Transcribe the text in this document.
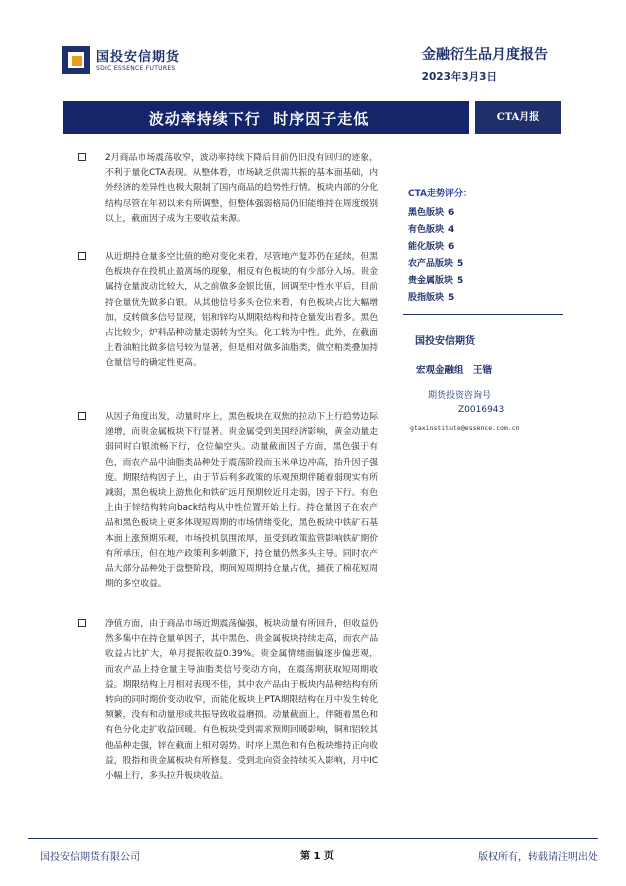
国投安信期货
SDIC ESSENCE FUTURES
金融衍生品月度报告
2023年3月3日
波动率持续下行  时序因子走低	CTA月报

2月商品市场震荡收窄，波动率持续下降后目前仍旧没有回归的迹象，不利于量化CTA表现。从整体看，市场缺乏供需共振的基本面基础，内外经济的差异性也极大限制了国内商品的趋势性行情。板块内部的分化结构尽管在年初以来有所调整，但整体强弱格局仍旧能维持在周度级别以上，截面因子成为主要收益来源。

从近期持仓量多空比值的绝对变化来看，尽管地产复苏仍在延续，但黑色板块存在投机止盈离场的现象，相反有色板块的有少部分入场。贵金属持仓量波动比较大，从之前做多金银比值，回调至中性水平后，目前持仓量优先做多白银。从其他信号多头仓位来看，有色板块占比大幅增加，反转做多信号显现，铝和锌均从期限结构和持仓量发出看多。黑色占比较少，炉料品种动量走弱转为空头。化工转为中性。此外，在截面上看油粕比做多信号较为显著，但是相对做多油脂类，做空粕类叠加持仓量信号的确定性更高。

从因子角度出发，动量时序上，黑色板块在双焦的拉动下上行趋势边际递增，而贵金属板块下行显著。贵金属受到美国经济影响，黄金动量走弱同时白银流畅下行，仓位偏空头。动量截面因子方面，黑色强于有色，而农产品中油脂类品种处于震荡阶段而玉米单边冲高，抬升因子强度。期限结构因子上，由于节后利多政策的乐观预期伴随着弱现实有所减弱，黑色板块上游焦化和铁矿远月预期较近月走弱，因子下行。有色上由于锌结构转向back结构从中性位置开始上行。持仓量因子在农产品和黑色板块上更多体现短周期的市场情绪变化，黑色板块中铁矿石基本面上涨预期乐观，市场投机氛围浓厚，虽受到政策监管影响铁矿期价有所承压，但在地产政策利多刺激下，持仓量仍然多头主导。同时农产品大部分品种处于盘整阶段，期间短周期持仓量占优，捕获了棉花短周期的多空收益。

净值方面，由于商品市场近期震荡偏强，板块动量有所回升，但收益仍然多集中在持仓量单因子，其中黑色、贵金属板块持续走高，而农产品收益占比扩大，单月提振收益0.39%。贵金属情绪面偏逐步偏悲观，而农产品上持仓量主导油脂类信号变动方向，在震荡期获取短周期收益。期限结构上月相对表现不佳，其中农产品由于板块内品种结构有所转向的同时期价变动收窄，而能化板块上PTA期限结构在月中发生转化频繁，没有和动量形成共振导致收益磨损。动量截面上，伴随着黑色和有色分化走扩收益回暖。有色板块受到需求预期回暖影响，铜和铝较其他品种走强，锌在截面上相对弱势。时序上黑色和有色板块维持正向收益，股指和贵金属板块有所修复。受到北向资金持续买入影响，月中IC小幅上行，多头拉升板块收益。

CTA走势评分：
黑色版块 6
有色版块 4
能化版块 6
农产品版块 5
贵金属版块 5
股指版块 5
国投安信期货
宏观金融组　王锴
期货投资咨询号
Z0016943
gtaxinstitute@essence.com.cn
国投安信期货有限公司	第 1 页	版权所有，转载请注明出处
